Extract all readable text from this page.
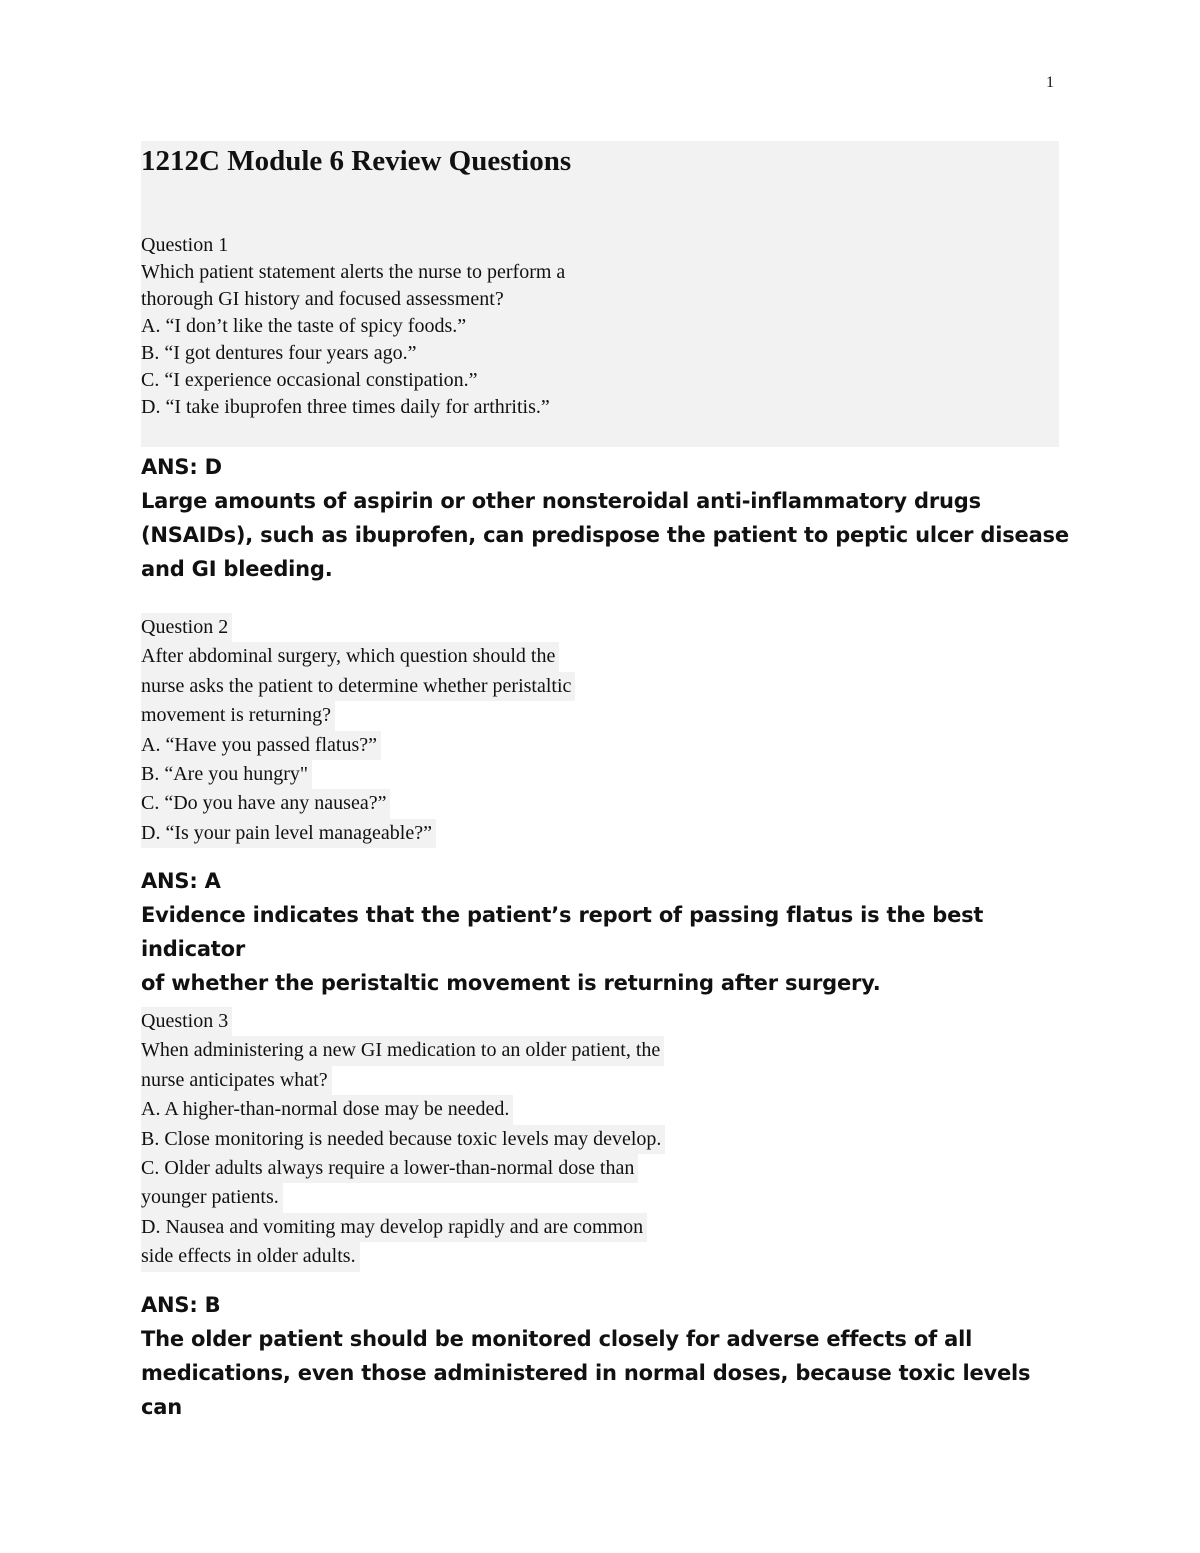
1
1212C Module 6 Review Questions
Question 1
Which patient statement alerts the nurse to perform a
thorough GI history and focused assessment?
A. “I don’t like the taste of spicy foods.”
B. “I got dentures four years ago.”
C. “I experience occasional constipation.”
D. “I take ibuprofen three times daily for arthritis.”
ANS: D
Large amounts of aspirin or other nonsteroidal anti-inflammatory drugs
(NSAIDs), such as ibuprofen, can predispose the patient to peptic ulcer disease
and GI bleeding.
Question 2
After abdominal surgery, which question should the
nurse asks the patient to determine whether peristaltic
movement is returning?
A. “Have you passed flatus?”
B. “Are you hungry"
C. “Do you have any nausea?”
D. “Is your pain level manageable?”
ANS: A
Evidence indicates that the patient’s report of passing flatus is the best indicator
of whether the peristaltic movement is returning after surgery.
Question 3
When administering a new GI medication to an older patient, the
nurse anticipates what?
A. A higher-than-normal dose may be needed.
B. Close monitoring is needed because toxic levels may develop.
C. Older adults always require a lower-than-normal dose than
younger patients.
D. Nausea and vomiting may develop rapidly and are common
side effects in older adults.
ANS: B
The older patient should be monitored closely for adverse effects of all
medications, even those administered in normal doses, because toxic levels can
